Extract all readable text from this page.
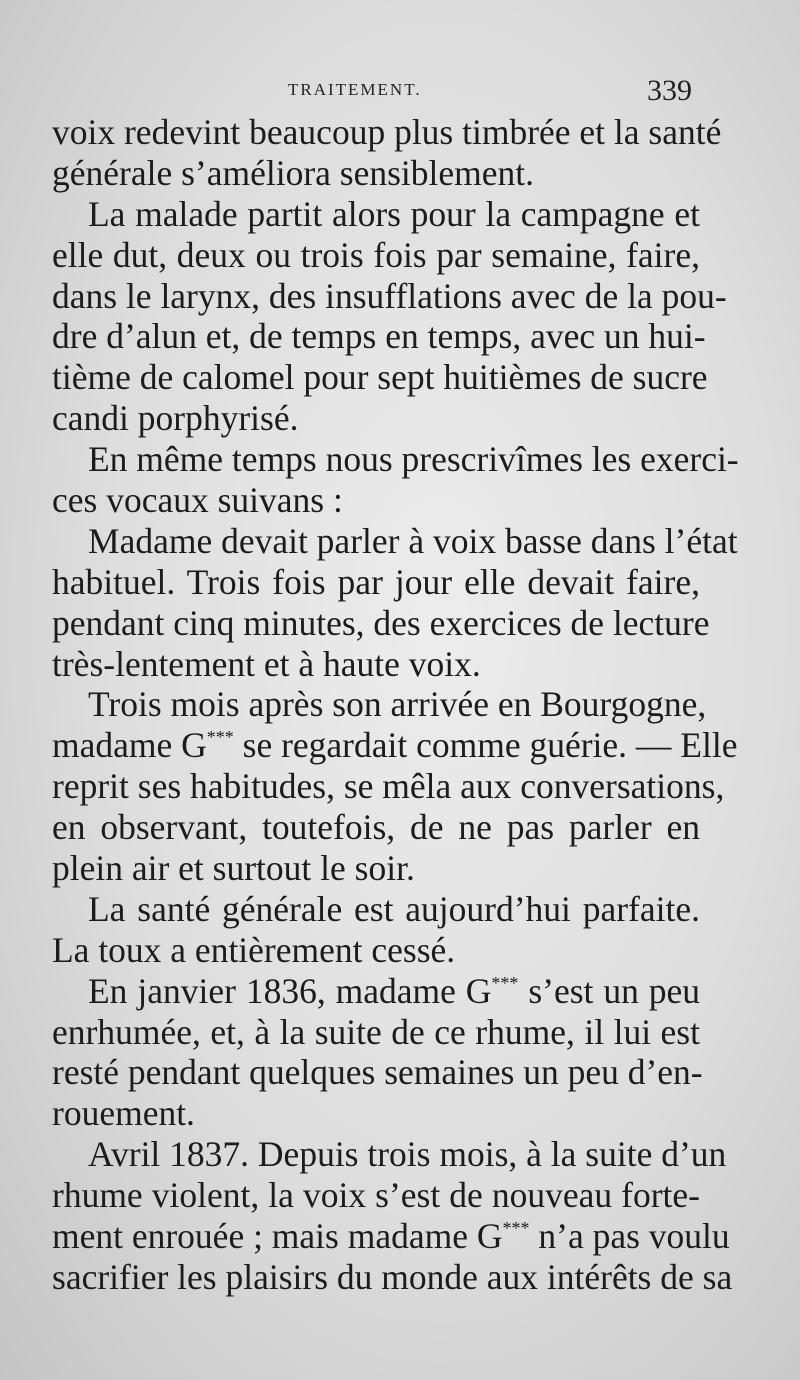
TRAITEMENT.	339
voix redevint beaucoup plus timbrée et la santé
générale s’améliora sensiblement.
La malade partit alors pour la campagne et
elle dut, deux ou trois fois par semaine, faire,
dans le larynx, des insufflations avec de la pou-
dre d’alun et, de temps en temps, avec un hui-
tième de calomel pour sept huitièmes de sucre
candi porphyrisé.
En même temps nous prescrivîmes les exerci-
ces vocaux suivans :
Madame devait parler à voix basse dans l’état
habituel. Trois fois par jour elle devait faire,
pendant cinq minutes, des exercices de lecture
très-lentement et à haute voix.
Trois mois après son arrivée en Bourgogne,
madame G*** se regardait comme guérie. — Elle
reprit ses habitudes, se mêla aux conversations,
en observant, toutefois, de ne pas parler en
plein air et surtout le soir.
La santé générale est aujourd’hui parfaite.
La toux a entièrement cessé.
En janvier 1836, madame G*** s’est un peu
enrhumée, et, à la suite de ce rhume, il lui est
resté pendant quelques semaines un peu d’en-
rouement.
Avril 1837. Depuis trois mois, à la suite d’un
rhume violent, la voix s’est de nouveau forte-
ment enrouée ; mais madame G*** n’a pas voulu
sacrifier les plaisirs du monde aux intérêts de sa
